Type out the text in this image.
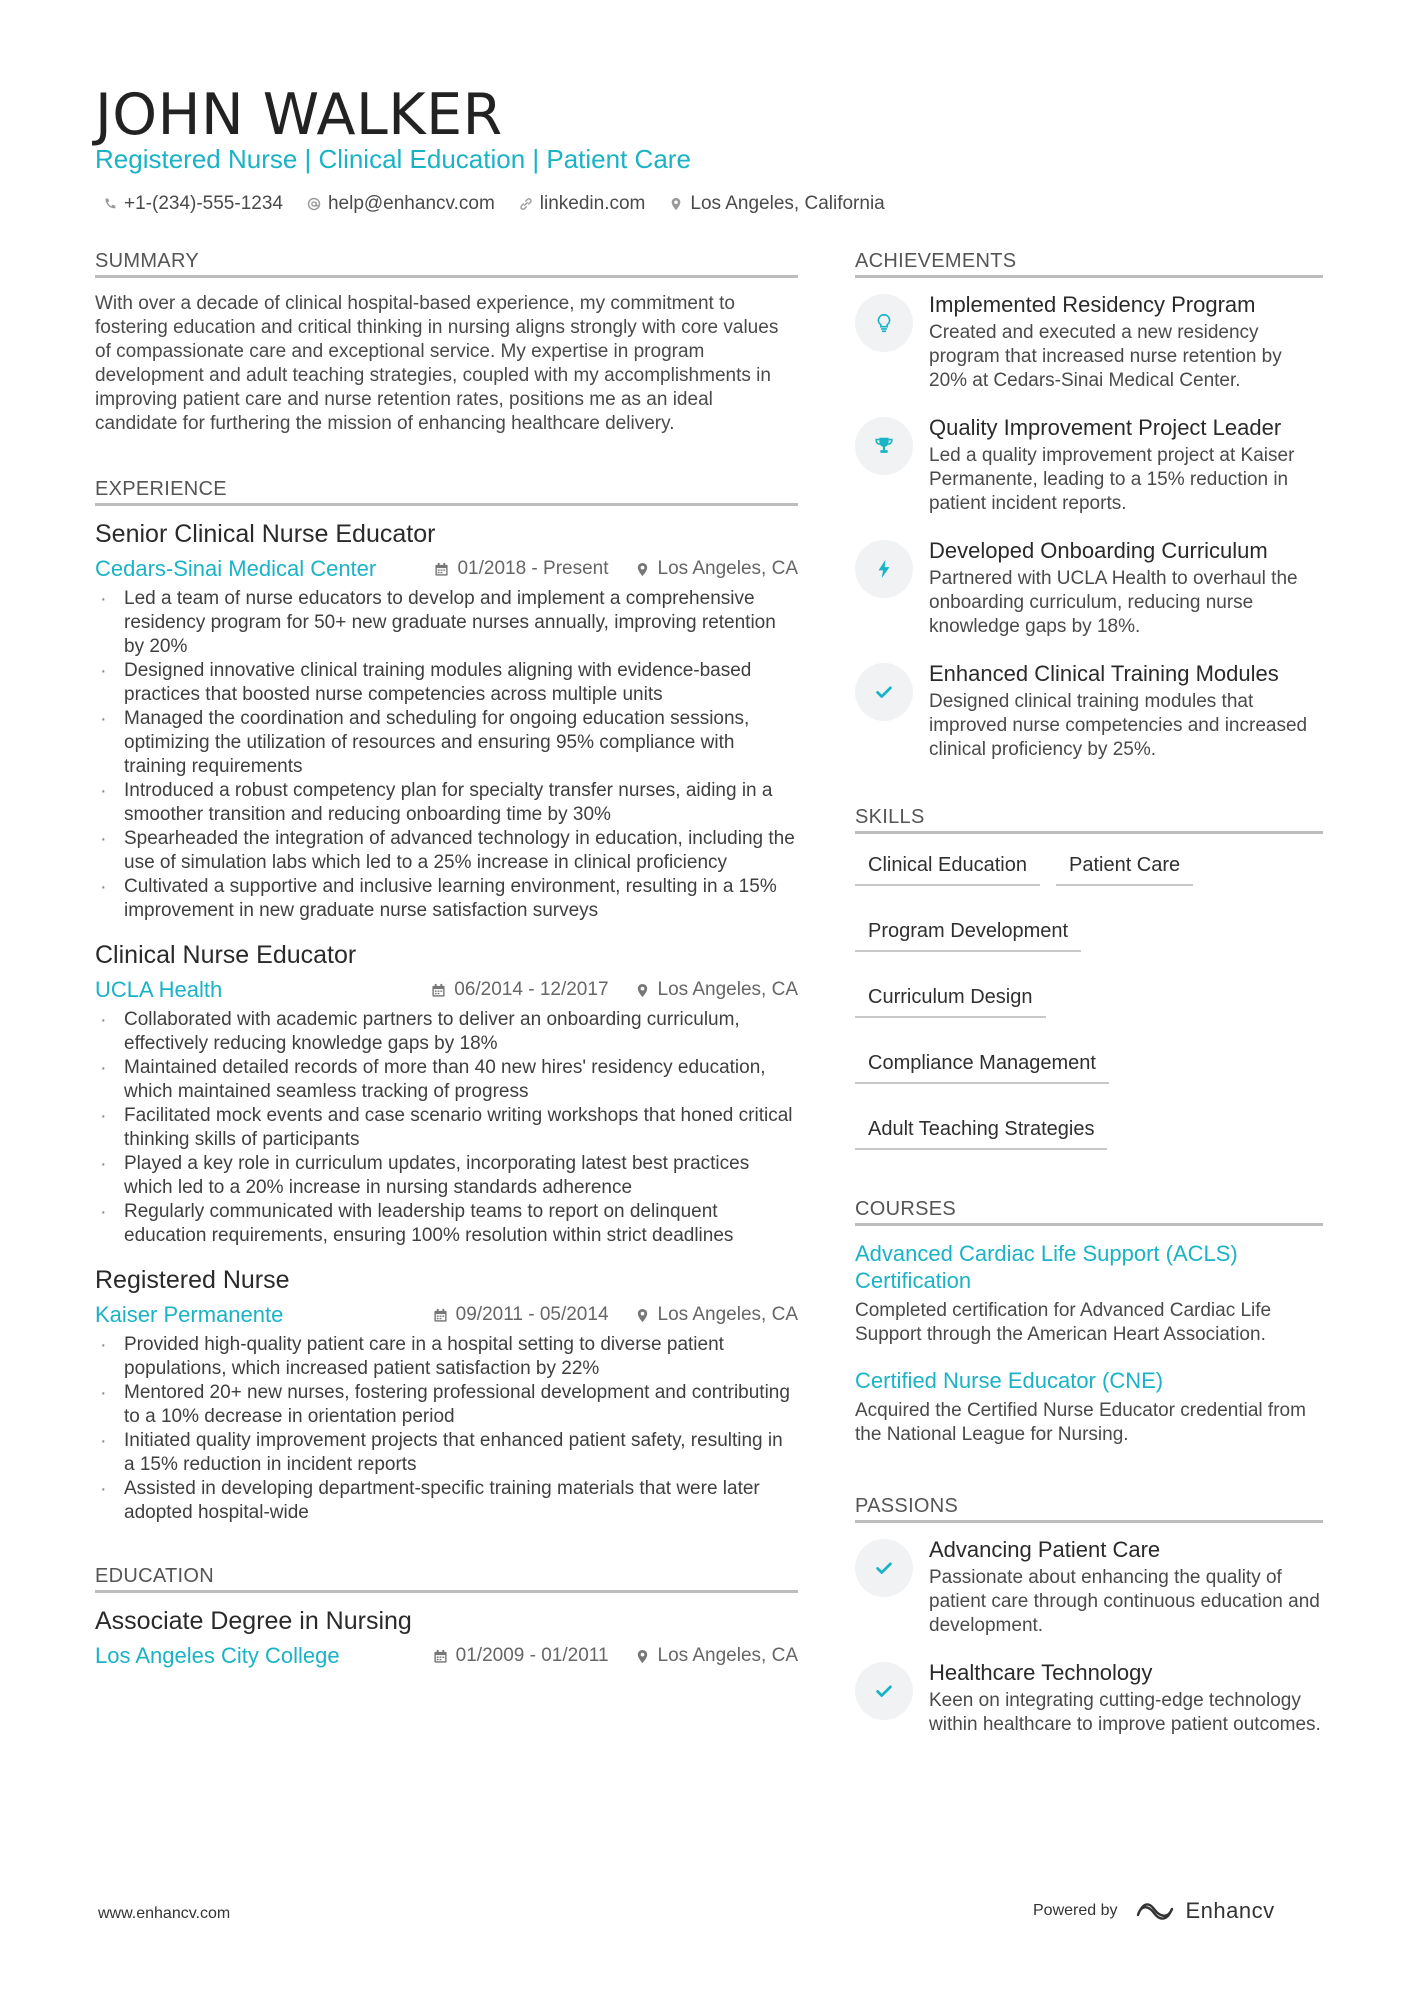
JOHN WALKER
Registered Nurse | Clinical Education | Patient Care
+1-(234)-555-1234 help@enhancv.com linkedin.com Los Angeles, California
SUMMARY
With over a decade of clinical hospital-based experience, my commitment to fostering education and critical thinking in nursing aligns strongly with core values of compassionate care and exceptional service. My expertise in program development and adult teaching strategies, coupled with my accomplishments in improving patient care and nurse retention rates, positions me as an ideal candidate for furthering the mission of enhancing healthcare delivery.
EXPERIENCE
Senior Clinical Nurse Educator
Cedars-Sinai Medical Center	01/2018 - Present	Los Angeles, CA
· Led a team of nurse educators to develop and implement a comprehensive residency program for 50+ new graduate nurses annually, improving retention by 20%
· Designed innovative clinical training modules aligning with evidence-based practices that boosted nurse competencies across multiple units
· Managed the coordination and scheduling for ongoing education sessions, optimizing the utilization of resources and ensuring 95% compliance with training requirements
· Introduced a robust competency plan for specialty transfer nurses, aiding in a smoother transition and reducing onboarding time by 30%
· Spearheaded the integration of advanced technology in education, including the use of simulation labs which led to a 25% increase in clinical proficiency
· Cultivated a supportive and inclusive learning environment, resulting in a 15% improvement in new graduate nurse satisfaction surveys
Clinical Nurse Educator
UCLA Health	06/2014 - 12/2017	Los Angeles, CA
· Collaborated with academic partners to deliver an onboarding curriculum, effectively reducing knowledge gaps by 18%
· Maintained detailed records of more than 40 new hires' residency education, which maintained seamless tracking of progress
· Facilitated mock events and case scenario writing workshops that honed critical thinking skills of participants
· Played a key role in curriculum updates, incorporating latest best practices which led to a 20% increase in nursing standards adherence
· Regularly communicated with leadership teams to report on delinquent education requirements, ensuring 100% resolution within strict deadlines
Registered Nurse
Kaiser Permanente	09/2011 - 05/2014	Los Angeles, CA
· Provided high-quality patient care in a hospital setting to diverse patient populations, which increased patient satisfaction by 22%
· Mentored 20+ new nurses, fostering professional development and contributing to a 10% decrease in orientation period
· Initiated quality improvement projects that enhanced patient safety, resulting in a 15% reduction in incident reports
· Assisted in developing department-specific training materials that were later adopted hospital-wide
EDUCATION
Associate Degree in Nursing
Los Angeles City College	01/2009 - 01/2011	Los Angeles, CA
ACHIEVEMENTS
Implemented Residency Program
Created and executed a new residency program that increased nurse retention by 20% at Cedars-Sinai Medical Center.
Quality Improvement Project Leader
Led a quality improvement project at Kaiser Permanente, leading to a 15% reduction in patient incident reports.
Developed Onboarding Curriculum
Partnered with UCLA Health to overhaul the onboarding curriculum, reducing nurse knowledge gaps by 18%.
Enhanced Clinical Training Modules
Designed clinical training modules that improved nurse competencies and increased clinical proficiency by 25%.
SKILLS
Clinical Education	Patient Care
Program Development
Curriculum Design
Compliance Management
Adult Teaching Strategies
COURSES
Advanced Cardiac Life Support (ACLS) Certification
Completed certification for Advanced Cardiac Life Support through the American Heart Association.
Certified Nurse Educator (CNE)
Acquired the Certified Nurse Educator credential from the National League for Nursing.
PASSIONS
Advancing Patient Care
Passionate about enhancing the quality of patient care through continuous education and development.
Healthcare Technology
Keen on integrating cutting-edge technology within healthcare to improve patient outcomes.
www.enhancv.com	Powered by	Enhancv
